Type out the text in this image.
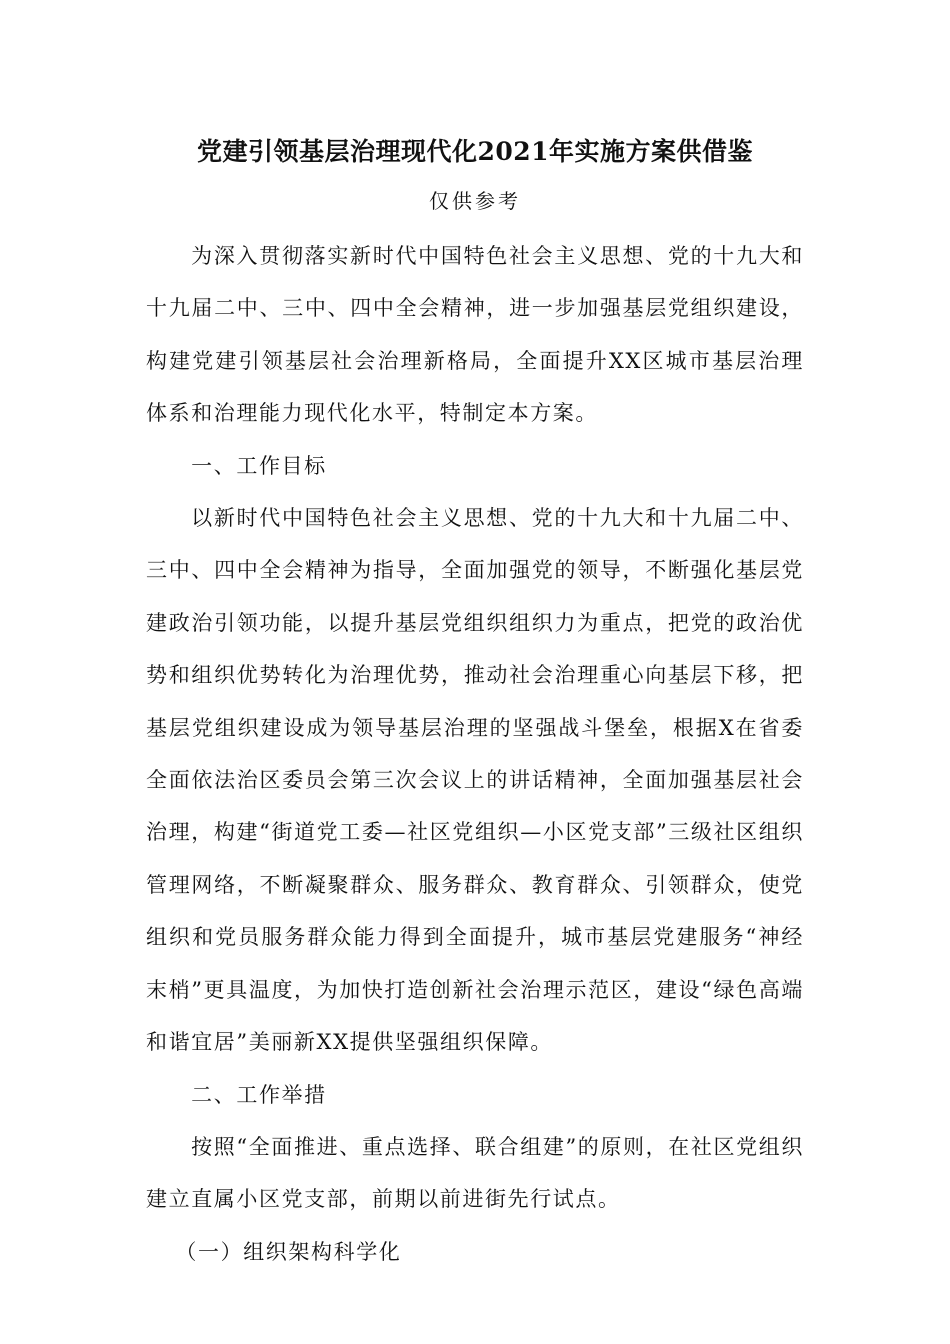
党建引领基层治理现代化2021年实施方案供借鉴
仅供参考

为深入贯彻落实新时代中国特色社会主义思想、党的十九大和十九届二中、三中、四中全会精神，进一步加强基层党组织建设，构建党建引领基层社会治理新格局，全面提升XX区城市基层治理体系和治理能力现代化水平，特制定本方案。

一、工作目标

以新时代中国特色社会主义思想、党的十九大和十九届二中、三中、四中全会精神为指导，全面加强党的领导，不断强化基层党建政治引领功能，以提升基层党组织组织力为重点，把党的政治优势和组织优势转化为治理优势，推动社会治理重心向基层下移，把基层党组织建设成为领导基层治理的坚强战斗堡垒，根据X在省委全面依法治区委员会第三次会议上的讲话精神，全面加强基层社会治理，构建“街道党工委—社区党组织—小区党支部”三级社区组织管理网络，不断凝聚群众、服务群众、教育群众、引领群众，使党组织和党员服务群众能力得到全面提升，城市基层党建服务“神经末梢”更具温度，为加快打造创新社会治理示范区，建设“绿色高端和谐宜居”美丽新XX提供坚强组织保障。

二、工作举措

按照“全面推进、重点选择、联合组建”的原则，在社区党组织建立直属小区党支部，前期以前进街先行试点。

（一）组织架构科学化
